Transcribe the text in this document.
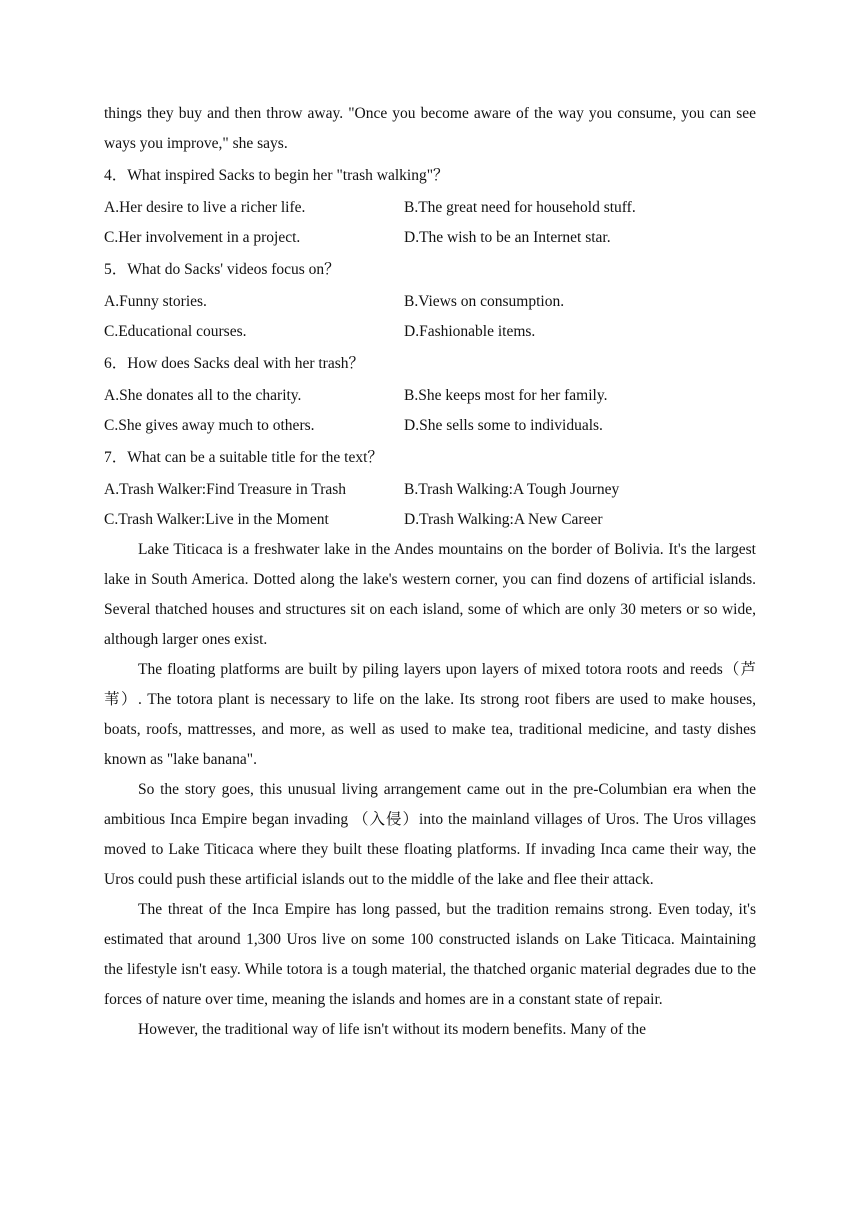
things they buy and then throw away. "Once you become aware of the way you consume, you can see ways you improve," she says.

4．What inspired Sacks to begin her "trash walking"？
A.Her desire to live a richer life.	B.The great need for household stuff.
C.Her involvement in a project.	D.The wish to be an Internet star.
5．What do Sacks' videos focus on？
A.Funny stories.	B.Views on consumption.
C.Educational courses.	D.Fashionable items.
6．How does Sacks deal with her trash？
A.She donates all to the charity.	B.She keeps most for her family.
C.She gives away much to others.	D.She sells some to individuals.
7．What can be a suitable title for the text？
A.Trash Walker:Find Treasure in Trash	B.Trash Walking:A Tough Journey
C.Trash Walker:Live in the Moment	D.Trash Walking:A New Career

Lake Titicaca is a freshwater lake in the Andes mountains on the border of Bolivia. It's the largest lake in South America. Dotted along the lake's western corner, you can find dozens of artificial islands. Several thatched houses and structures sit on each island, some of which are only 30 meters or so wide, although larger ones exist.

The floating platforms are built by piling layers upon layers of mixed totora roots and reeds（芦苇）. The totora plant is necessary to life on the lake. Its strong root fibers are used to make houses, boats, roofs, mattresses, and more, as well as used to make tea, traditional medicine, and tasty dishes known as "lake banana".

So the story goes, this unusual living arrangement came out in the pre-Columbian era when the ambitious Inca Empire began invading （入侵）into the mainland villages of Uros. The Uros villages moved to Lake Titicaca where they built these floating platforms. If invading Inca came their way, the Uros could push these artificial islands out to the middle of the lake and flee their attack.

The threat of the Inca Empire has long passed, but the tradition remains strong. Even today, it's estimated that around 1,300 Uros live on some 100 constructed islands on Lake Titicaca. Maintaining the lifestyle isn't easy. While totora is a tough material, the thatched organic material degrades due to the forces of nature over time, meaning the islands and homes are in a constant state of repair.

However, the traditional way of life isn't without its modern benefits. Many of the
